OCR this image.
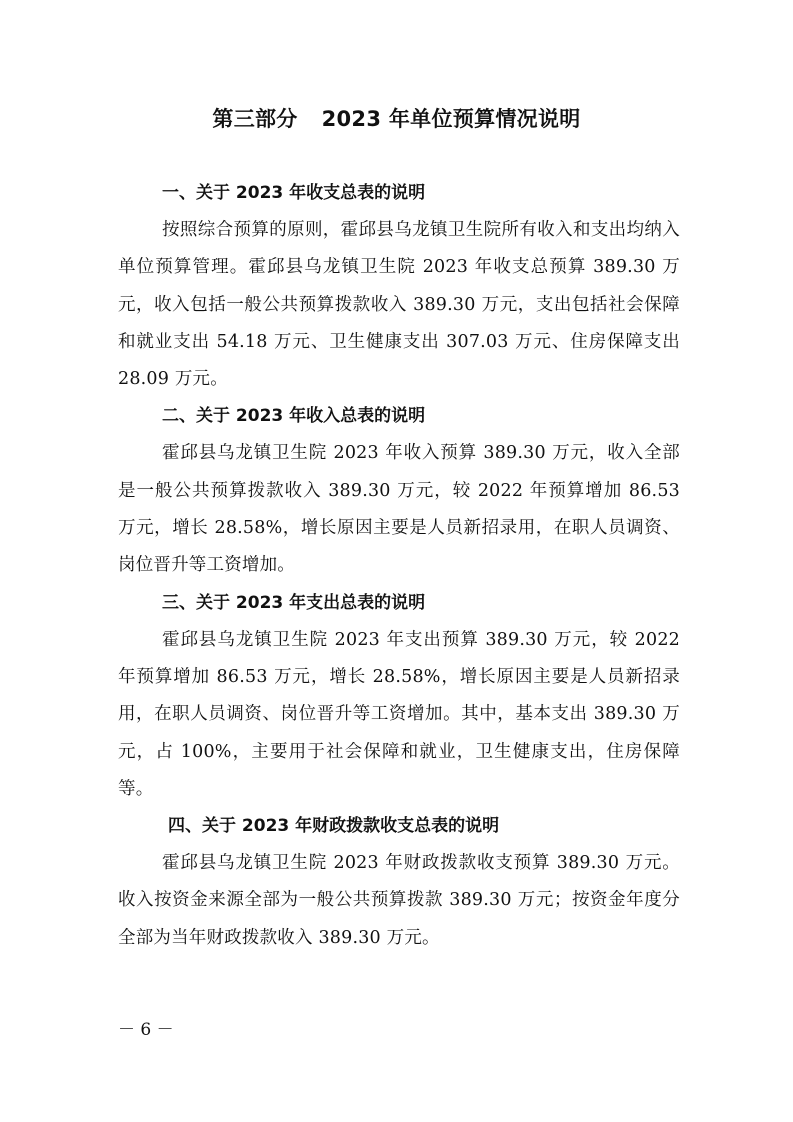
第三部分 2023 年单位预算情况说明
一、关于 2023 年收支总表的说明

按照综合预算的原则，霍邱县乌龙镇卫生院所有收入和支出均纳入单位预算管理。霍邱县乌龙镇卫生院 2023 年收支总预算 389.30 万元，收入包括一般公共预算拨款收入 389.30 万元，支出包括社会保障和就业支出 54.18 万元、卫生健康支出 307.03 万元、住房保障支出 28.09 万元。

二、关于 2023 年收入总表的说明

霍邱县乌龙镇卫生院 2023 年收入预算 389.30 万元，收入全部是一般公共预算拨款收入 389.30 万元，较 2022 年预算增加 86.53 万元，增长 28.58%，增长原因主要是人员新招录用，在职人员调资、岗位晋升等工资增加。

三、关于 2023 年支出总表的说明

霍邱县乌龙镇卫生院 2023 年支出预算 389.30 万元，较 2022 年预算增加 86.53 万元，增长 28.58%，增长原因主要是人员新招录用，在职人员调资、岗位晋升等工资增加。其中，基本支出 389.30 万元，占 100%，主要用于社会保障和就业，卫生健康支出，住房保障等。

四、关于 2023 年财政拨款收支总表的说明

霍邱县乌龙镇卫生院 2023 年财政拨款收支预算 389.30 万元。收入按资金来源全部为一般公共预算拨款 389.30 万元；按资金年度分全部为当年财政拨款收入 389.30 万元。

－ 6 －
